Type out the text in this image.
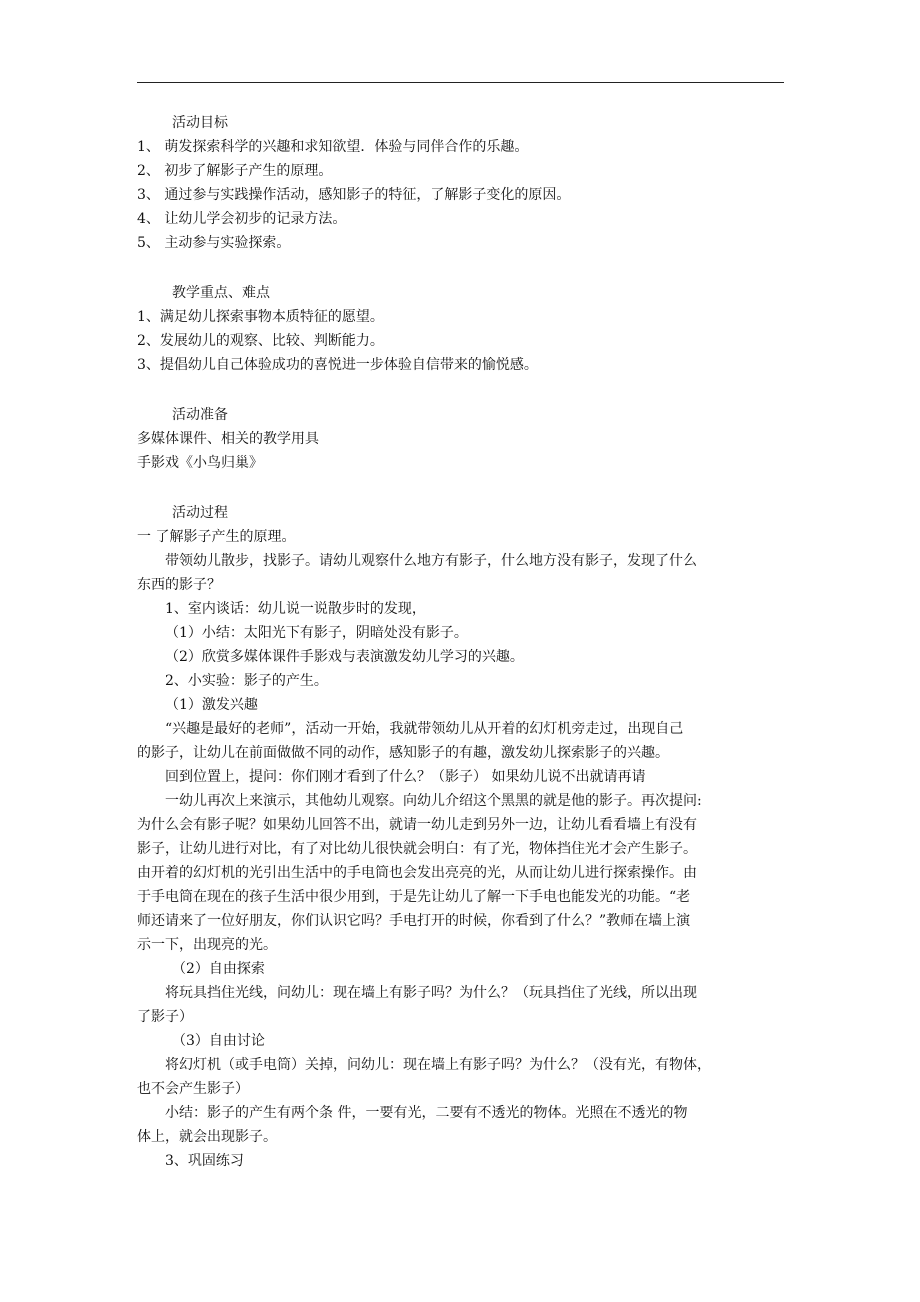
活动目标
1、 萌发探索科学的兴趣和求知欲望．体验与同伴合作的乐趣。
2、 初步了解影子产生的原理。
3、 通过参与实践操作活动，感知影子的特征，了解影子变化的原因。
4、 让幼儿学会初步的记录方法。
5、 主动参与实验探索。
教学重点、难点
1、满足幼儿探索事物本质特征的愿望。
2、发展幼儿的观察、比较、判断能力。
3、提倡幼儿自己体验成功的喜悦进一步体验自信带来的愉悦感。
活动准备
多媒体课件、相关的教学用具
手影戏《小鸟归巢》
活动过程
一 了解影子产生的原理。
带领幼儿散步，找影子。请幼儿观察什么地方有影子，什么地方没有影子，发现了什么
东西的影子？
1、室内谈话：幼儿说一说散步时的发现，
（1）小结：太阳光下有影子，阴暗处没有影子。
（2）欣赏多媒体课件手影戏与表演激发幼儿学习的兴趣。
2、小实验：影子的产生。
（1）激发兴趣
“兴趣是最好的老师”，活动一开始，我就带领幼儿从开着的幻灯机旁走过，出现自己
的影子，让幼儿在前面做做不同的动作，感知影子的有趣，激发幼儿探索影子的兴趣。
回到位置上，提问：你们刚才看到了什么？（影子） 如果幼儿说不出就请再请
一幼儿再次上来演示，其他幼儿观察。向幼儿介绍这个黑黑的就是他的影子。再次提问:
为什么会有影子呢？如果幼儿回答不出，就请一幼儿走到另外一边，让幼儿看看墙上有没有
影子，让幼儿进行对比，有了对比幼儿很快就会明白：有了光，物体挡住光才会产生影子。
由开着的幻灯机的光引出生活中的手电筒也会发出亮亮的光，从而让幼儿进行探索操作。由
于手电筒在现在的孩子生活中很少用到，于是先让幼儿了解一下手电也能发光的功能。“老
师还请来了一位好朋友，你们认识它吗？手电打开的时候，你看到了什么？”教师在墙上演
示一下，出现亮的光。
（2）自由探索
将玩具挡住光线，问幼儿：现在墙上有影子吗？为什么？（玩具挡住了光线，所以出现
了影子）
（3）自由讨论
将幻灯机（或手电筒）关掉，问幼儿：现在墙上有影子吗？为什么？（没有光，有物体，
也不会产生影子）
小结：影子的产生有两个条 件，一要有光，二要有不透光的物体。光照在不透光的物
体上，就会出现影子。
3、巩固练习
